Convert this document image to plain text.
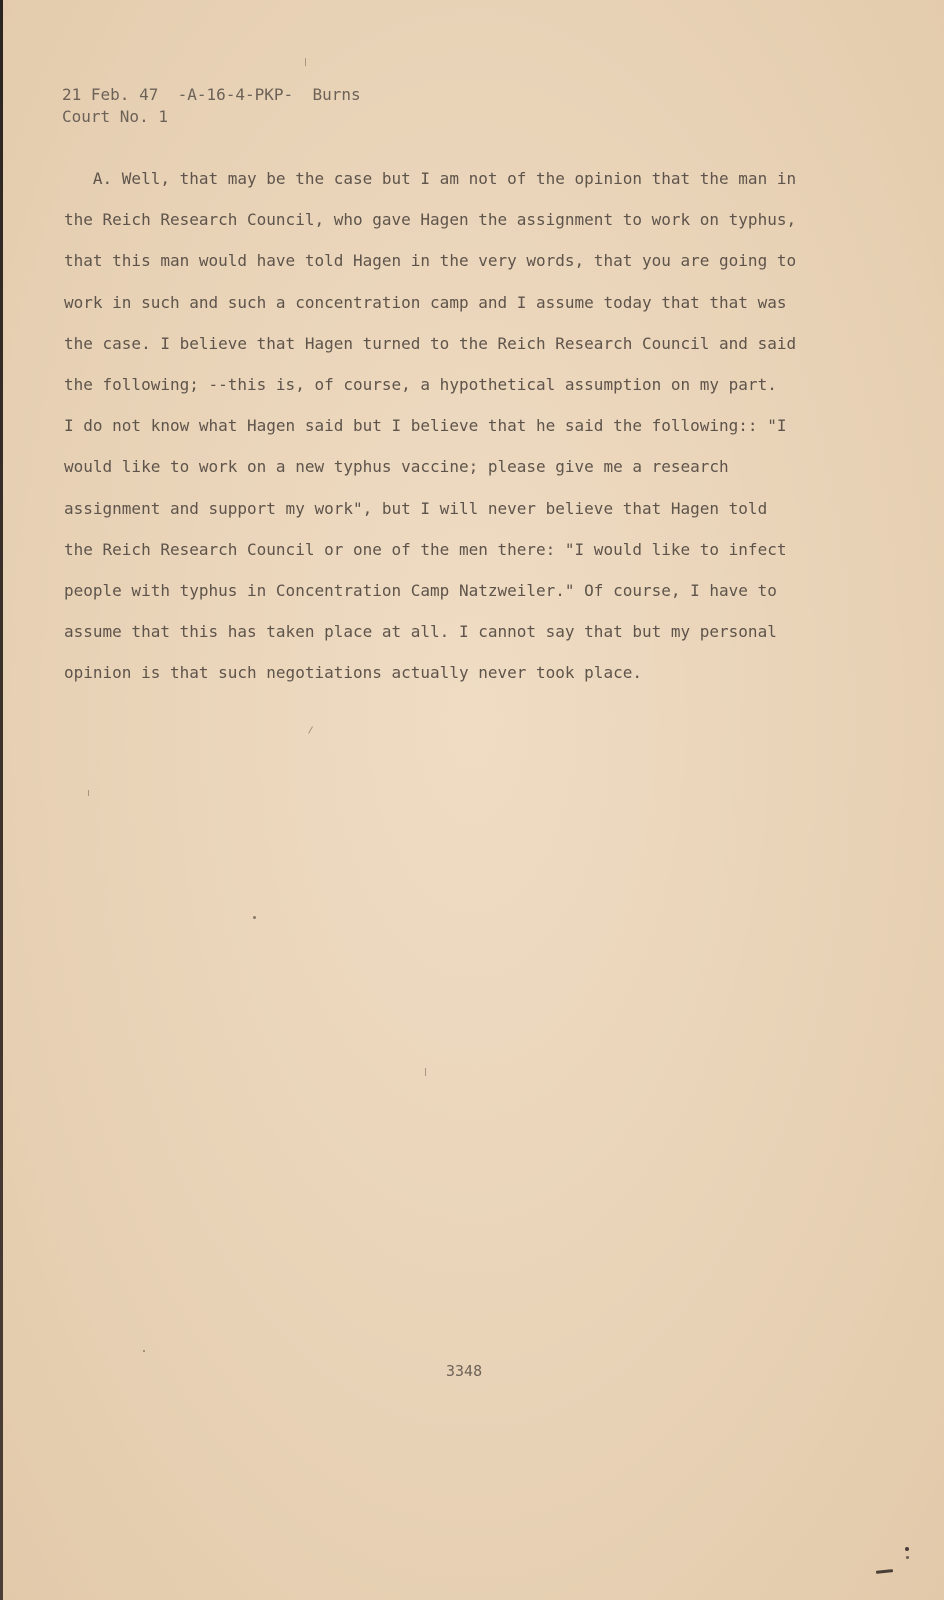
21 Feb. 47  -A-16-4-PKP-  Burns
Court No. 1
A. Well, that may be the case but I am not of the opinion that the man in
the Reich Research Council, who gave Hagen the assignment to work on typhus,
that this man would have told Hagen in the very words, that you are going to
work in such and such a concentration camp and I assume today that that was
the case. I believe that Hagen turned to the Reich Research Council and said
the following; --this is, of course, a hypothetical assumption on my part.
I do not know what Hagen said but I believe that he said the following:: "I
would like to work on a new typhus vaccine; please give me a research
assignment and support my work", but I will never believe that Hagen told
the Reich Research Council or one of the men there: "I would like to infect
people with typhus in Concentration Camp Natzweiler." Of course, I have to
assume that this has taken place at all. I cannot say that but my personal
opinion is that such negotiations actually never took place.
3348
